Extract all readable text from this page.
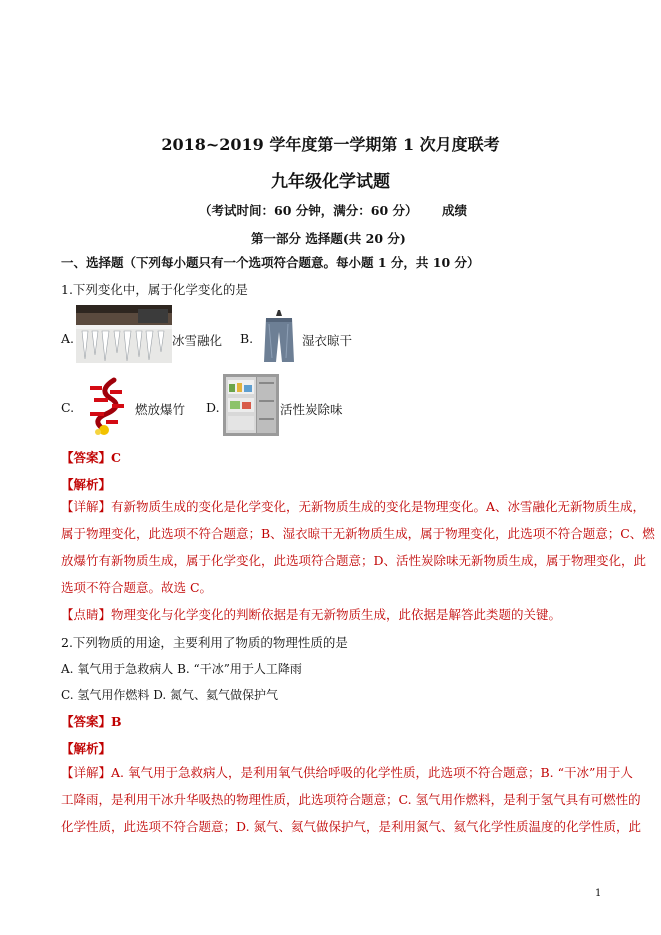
2018~2019 学年度第一学期第 1 次月度联考
九年级化学试题
（考试时间：60 分钟，满分：60 分） 成绩
第一部分 选择题(共 20 分)
一、选择题（下列每小题只有一个选项符合题意。每小题 1 分，共 10 分）
1.下列变化中，属于化学变化的是
A.	冰雪融化 B.	湿衣晾干
C.	燃放爆竹 D.	活性炭除味
【答案】C
【解析】
【详解】有新物质生成的变化是化学变化，无新物质生成的变化是物理变化。A、冰雪融化无新物质生成，
属于物理变化，此选项不符合题意；B、湿衣晾干无新物质生成，属于物理变化，此选项不符合题意；C、燃
放爆竹有新物质生成，属于化学变化，此选项符合题意；D、活性炭除味无新物质生成，属于物理变化，此
选项不符合题意。故选 C。
【点睛】物理变化与化学变化的判断依据是有无新物质生成，此依据是解答此类题的关键。
2.下列物质的用途，主要利用了物质的物理性质的是
A. 氧气用于急救病人 B. “干冰”用于人工降雨
C. 氢气用作燃料 D. 氮气、氦气做保护气
【答案】B
【解析】
【详解】A. 氧气用于急救病人，是利用氧气供给呼吸的化学性质，此选项不符合题意；B. “干冰”用于人
工降雨，是利用干冰升华吸热的物理性质，此选项符合题意；C. 氢气用作燃料，是利于氢气具有可燃性的
化学性质，此选项不符合题意；D. 氮气、氦气做保护气，是利用氮气、氦气化学性质温度的化学性质，此
1
